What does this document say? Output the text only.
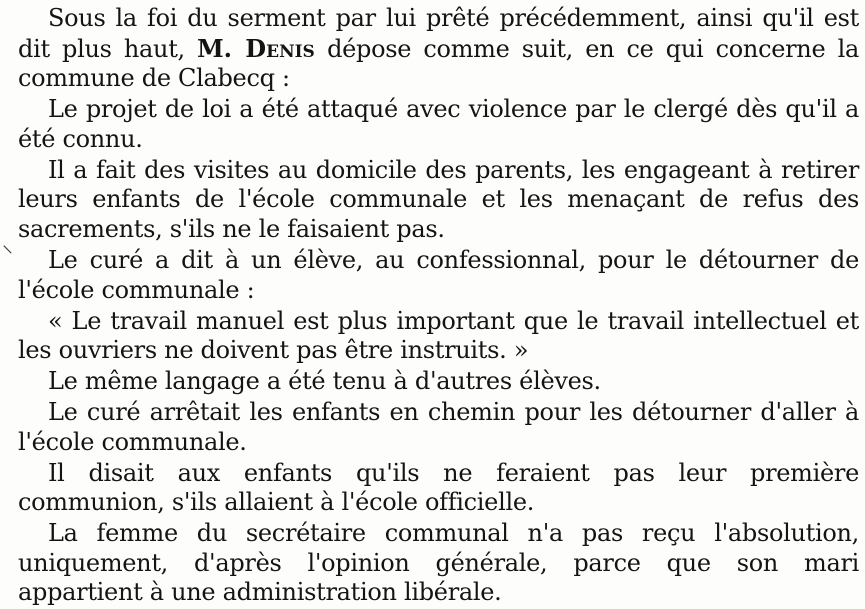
⸌

Sous la foi du serment par lui prêté précédemment, ainsi qu'il est dit plus haut, M. Denis dépose comme suit, en ce qui concerne la commune de Clabecq :

Le projet de loi a été attaqué avec violence par le clergé dès qu'il a été connu.

Il a fait des visites au domicile des parents, les engageant à retirer leurs enfants de l'école communale et les menaçant de refus des sacrements, s'ils ne le faisaient pas.

Le curé a dit à un élève, au confessionnal, pour le détourner de l'école communale :

« Le travail manuel est plus important que le travail intellectuel et les ouvriers ne doivent pas être instruits. »

Le même langage a été tenu à d'autres élèves.

Le curé arrêtait les enfants en chemin pour les détourner d'aller à l'école communale.

Il disait aux enfants qu'ils ne feraient pas leur première communion, s'ils allaient à l'école officielle.

La femme du secrétaire communal n'a pas reçu l'absolution, uniquement, d'après l'opinion générale, parce que son mari appartient à une administration libérale.
